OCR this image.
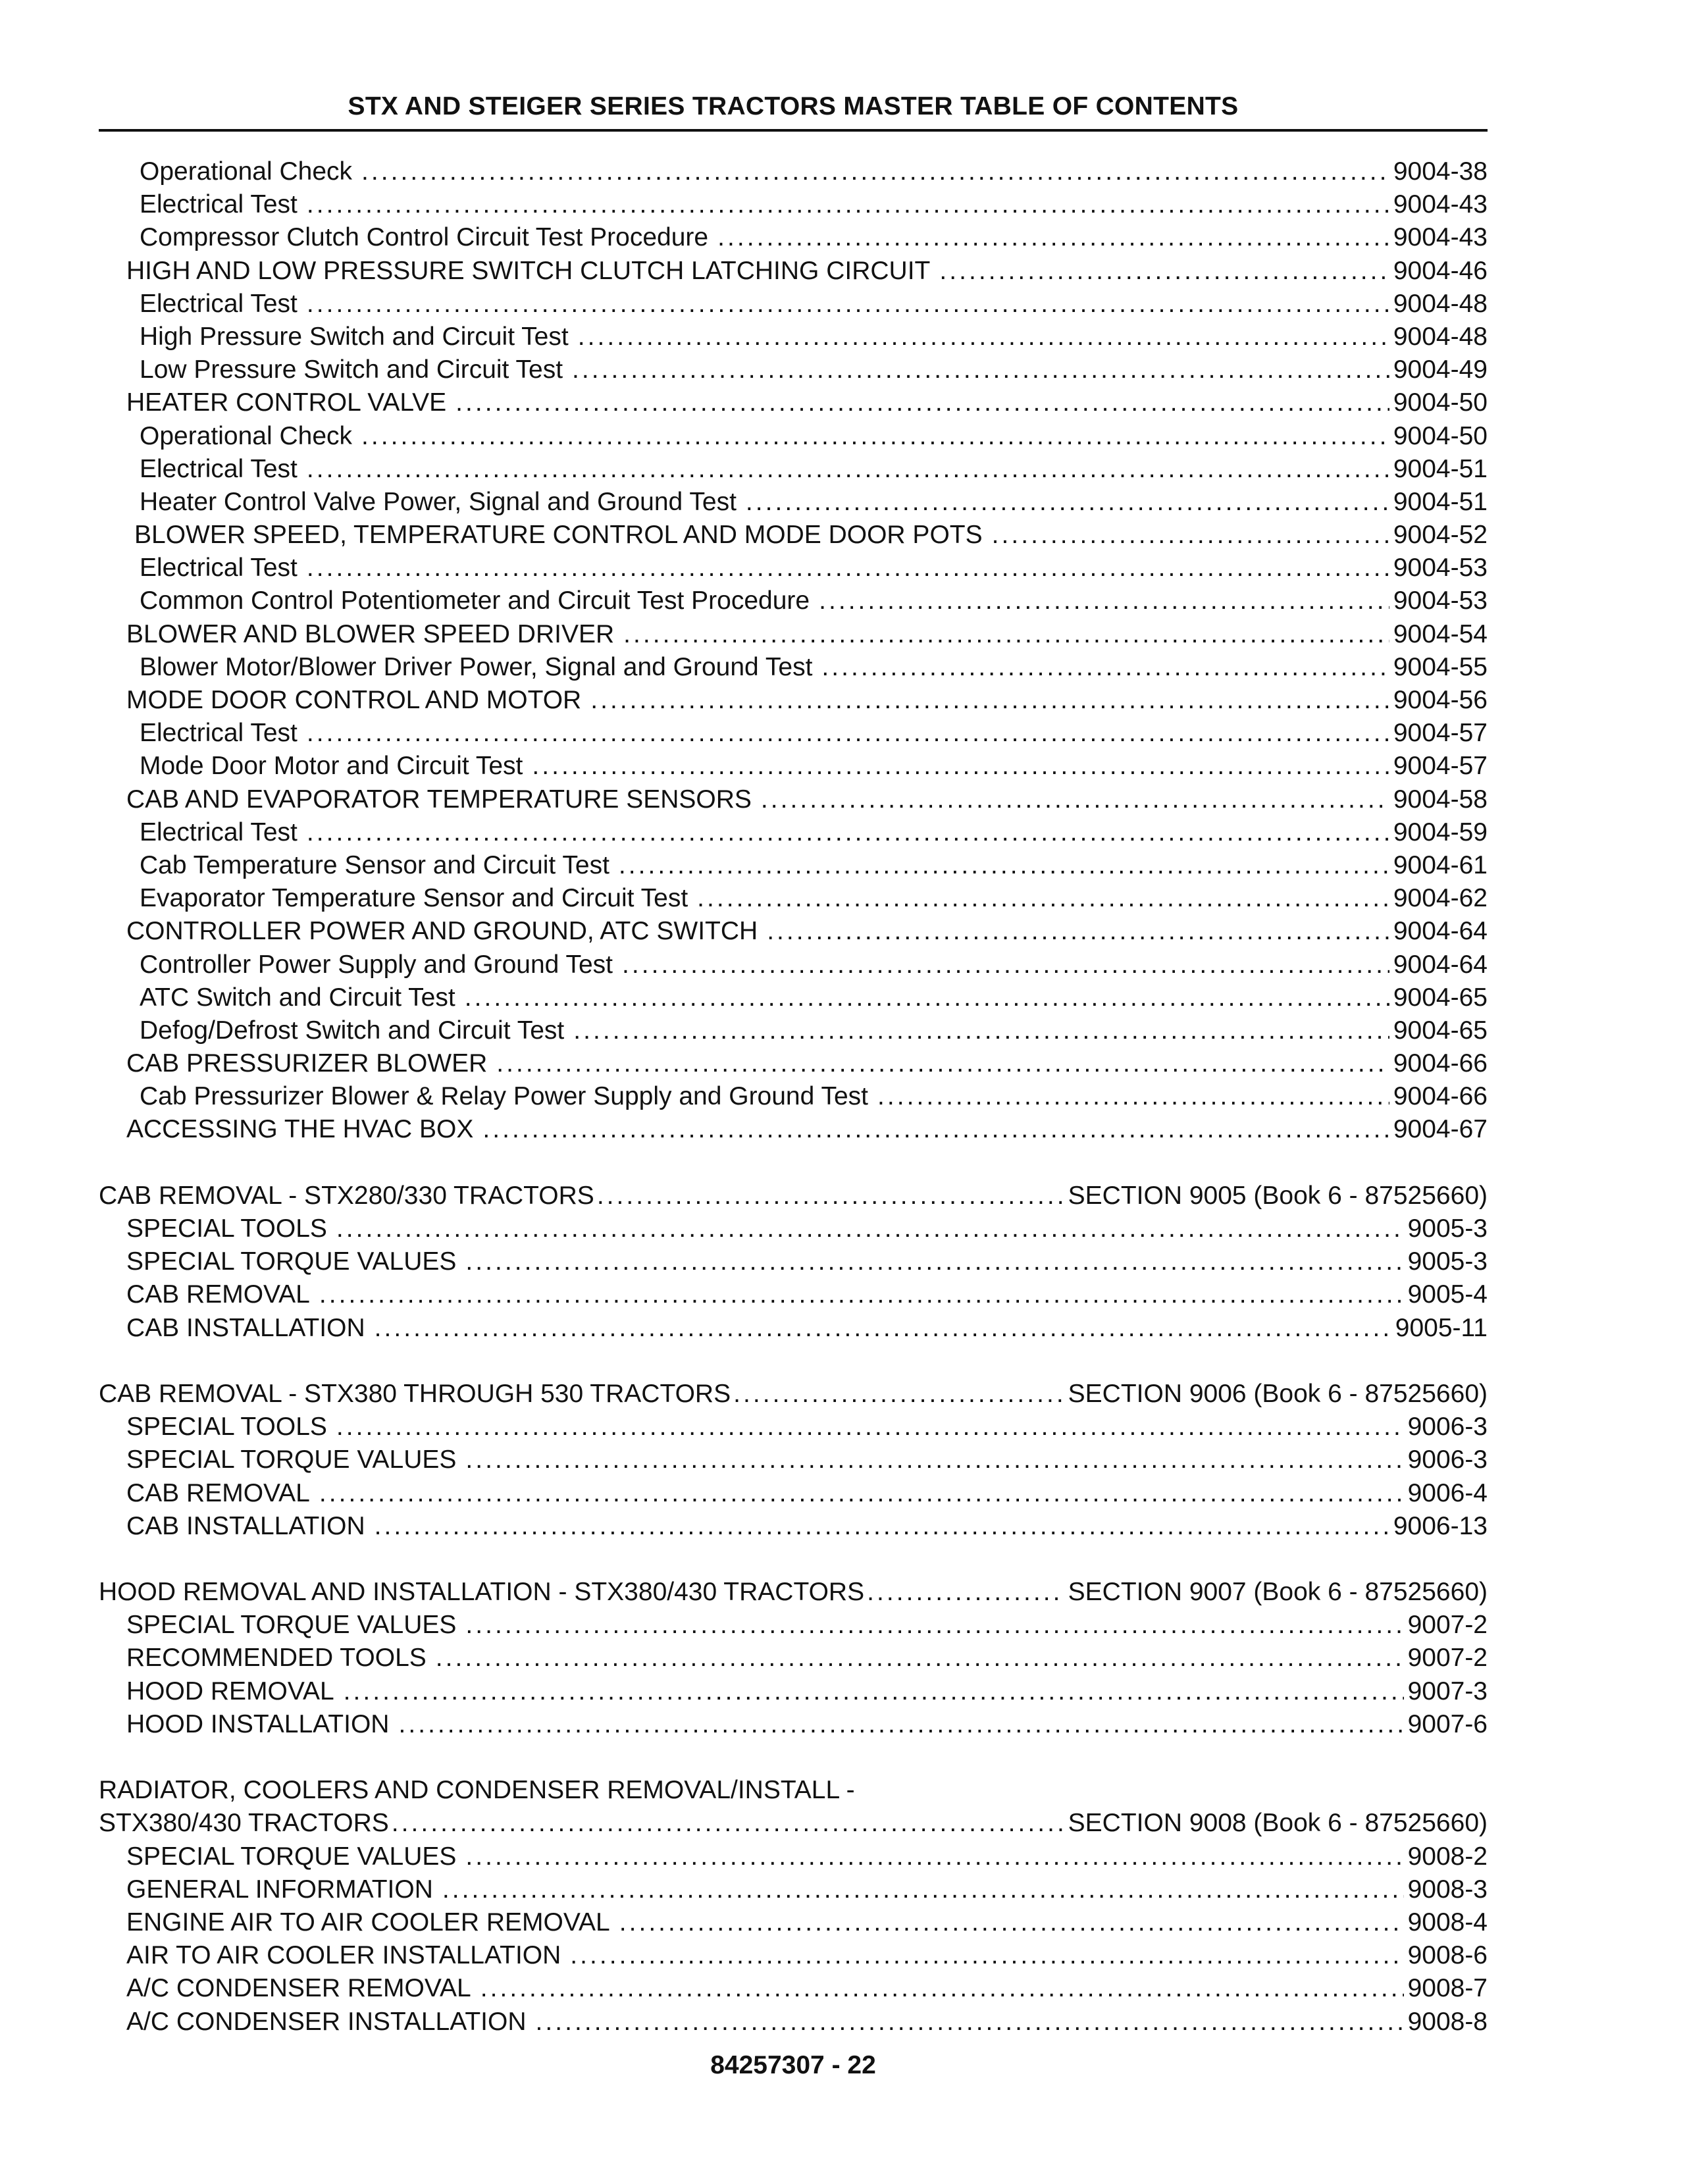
STX AND STEIGER SERIES TRACTORS MASTER TABLE OF CONTENTS
Operational Check . . .	9004-38
Electrical Test . . .	9004-43
Compressor Clutch Control Circuit Test Procedure . . .	9004-43
HIGH AND LOW PRESSURE SWITCH CLUTCH LATCHING CIRCUIT . . .	9004-46
Electrical Test . . .	9004-48
High Pressure Switch and Circuit Test . . .	9004-48
Low Pressure Switch and Circuit Test . . .	9004-49
HEATER CONTROL VALVE . . .	9004-50
Operational Check . . .	9004-50
Electrical Test . . .	9004-51
Heater Control Valve Power, Signal and Ground Test . . .	9004-51
BLOWER SPEED, TEMPERATURE CONTROL AND MODE DOOR POTS . . .	9004-52
Electrical Test . . .	9004-53
Common Control Potentiometer and Circuit Test Procedure . . .	9004-53
BLOWER AND BLOWER SPEED DRIVER . . .	9004-54
Blower Motor/Blower Driver Power, Signal and Ground Test . . .	9004-55
MODE DOOR CONTROL AND MOTOR . . .	9004-56
Electrical Test . . .	9004-57
Mode Door Motor and Circuit Test . . .	9004-57
CAB AND EVAPORATOR TEMPERATURE SENSORS . . .	9004-58
Electrical Test . . .	9004-59
Cab Temperature Sensor and Circuit Test . . .	9004-61
Evaporator Temperature Sensor and Circuit Test . . .	9004-62
CONTROLLER POWER AND GROUND, ATC SWITCH . . .	9004-64
Controller Power Supply and Ground Test . . .	9004-64
ATC Switch and Circuit Test . . .	9004-65
Defog/Defrost Switch and Circuit Test . . .	9004-65
CAB PRESSURIZER BLOWER . . .	9004-66
Cab Pressurizer Blower & Relay Power Supply and Ground Test . . .	9004-66
ACCESSING THE HVAC BOX . . .	9004-67
CAB REMOVAL - STX280/330 TRACTORS . . .	SECTION 9005 (Book 6 - 87525660)
SPECIAL TOOLS . . .	9005-3
SPECIAL TORQUE VALUES . . .	9005-3
CAB REMOVAL . . .	9005-4
CAB INSTALLATION . . .	9005-11
CAB REMOVAL - STX380 THROUGH 530 TRACTORS . . .	SECTION 9006 (Book 6 - 87525660)
SPECIAL TOOLS . . .	9006-3
SPECIAL TORQUE VALUES . . .	9006-3
CAB REMOVAL . . .	9006-4
CAB INSTALLATION . . .	9006-13
HOOD REMOVAL AND INSTALLATION - STX380/430 TRACTORS . . .	SECTION 9007 (Book 6 - 87525660)
SPECIAL TORQUE VALUES . . .	9007-2
RECOMMENDED TOOLS . . .	9007-2
HOOD REMOVAL . . .	9007-3
HOOD INSTALLATION . . .	9007-6
RADIATOR, COOLERS AND CONDENSER REMOVAL/INSTALL -
STX380/430 TRACTORS . . .	SECTION 9008 (Book 6 - 87525660)
SPECIAL TORQUE VALUES . . .	9008-2
GENERAL INFORMATION . . .	9008-3
ENGINE AIR TO AIR COOLER REMOVAL . . .	9008-4
AIR TO AIR COOLER INSTALLATION . . .	9008-6
A/C CONDENSER REMOVAL . . .	9008-7
A/C CONDENSER INSTALLATION . . .	9008-8
84257307 - 22
